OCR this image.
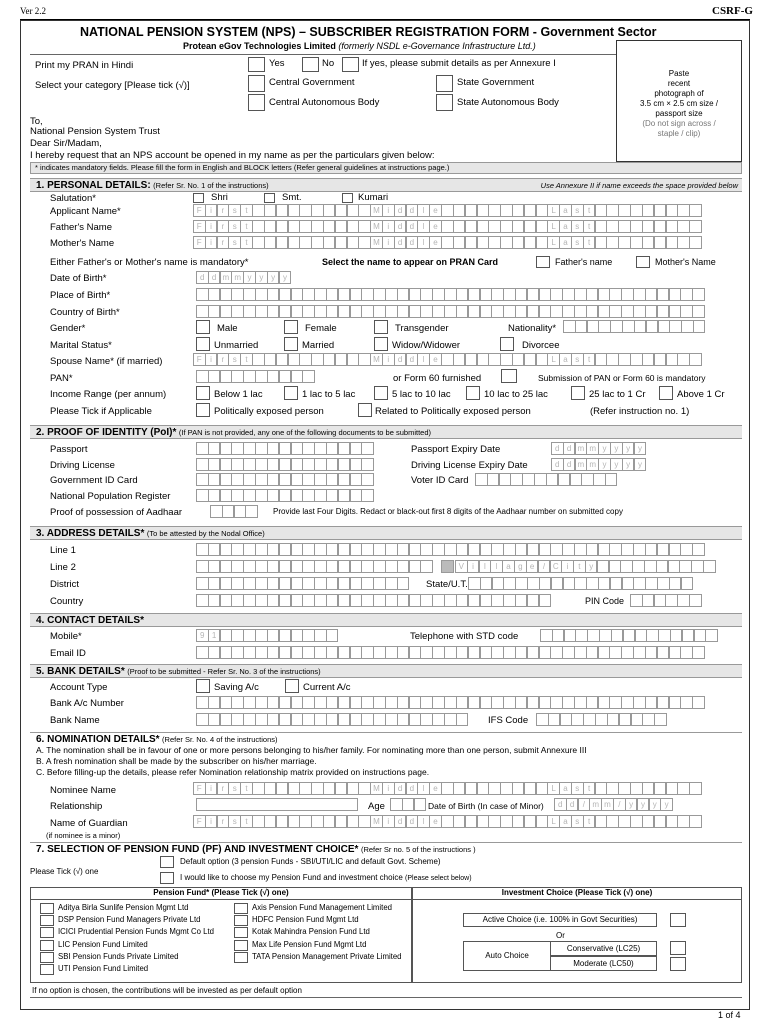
Ver 2.2	CSRF-G
NATIONAL PENSION SYSTEM (NPS) – SUBSCRIBER REGISTRATION FORM - Government Sector
Protean eGov Technologies Limited (formerly NSDL e-Governance Infrastructure Ltd.)
Paste
recent
photograph of
3.5 cm × 2.5 cm size /
passport size
(Do not sign across /
staple / clip)
Print my PRAN in Hindi	Yes	No	If yes, please submit details as per Annexure I
Select your category [Please tick (√)]	Central Government	State Government
Central Autonomous Body	State Autonomous Body
To,
National Pension System Trust
Dear Sir/Madam,
I hereby request that an NPS account be opened in my name as per the particulars given below:
* indicates mandatory fields. Please fill the form in English and BLOCK letters (Refer general guidelines at instructions page.)
1. PERSONAL DETAILS: (Refer Sr. No. 1 of the instructions)	Use Annexure II if name exceeds the space provided below
Salutation*	Shri	Smt.	Kumari
Applicant Name*	F	i	r	s	t	M i	d d	l	e	L a s	t
Father's Name	F	i	r	s	t	M i	d d	l	e	L a s	t
Mother's Name	F	i	r	s	t	M i	d d	l	e	L a s	t
Either Father's or Mother's name is mandatory*	Select the name to appear on PRAN Card	Father's name	Mother's Name
Date of Birth*	d d m m y y y y
Place of Birth*
Country of Birth*
Gender*	Male	Female	Transgender	Nationality*
Marital Status*	Unmarried	Married	Widow/Widower	Divorcee
Spouse Name* (if married)	F	i	r	s	t	M i	d d	l	e	L a s	t
PAN*	or Form 60 furnished	Submission of PAN or Form 60 is mandatory
Income Range (per annum)	Below 1 lac	1 lac to 5 lac	5 lac to 10 lac	10 lac to 25 lac	25 lac to 1 Cr	Above 1 Cr
Please Tick if Applicable	Politically exposed person	Related to Politically exposed person	(Refer instruction no. 1)
2. PROOF OF IDENTITY (PoI)* (If PAN is not provided, any one of the following documents to be submitted)
Passport	Passport Expiry Date	d d m m y y y y
Driving License	Driving License Expiry Date	d d m m y y y y
Government ID Card	Voter ID Card
National Population Register
Proof of possession of Aadhaar	Provide last Four Digits. Redact or black-out first 8 digits of the Aadhaar number on submitted copy
3. ADDRESS DETAILS* (To be attested by the Nodal Office)
Line 1
Line 2	V	i	l	l	a g e	/ C	i	t	y
District	State/U.T.
Country	PIN Code
4. CONTACT DETAILS*
Mobile*	9 1	Telephone with STD code
Email ID
5. BANK DETAILS* (Proof to be submitted - Refer Sr. No. 3 of the instructions)
Account Type	Saving A/c	Current A/c
Bank A/c Number
Bank Name	IFS Code
6. NOMINATION DETAILS* (Refer Sr. No. 4 of the instructions)
A. The nomination shall be in favour of one or more persons belonging to his/her family. For nominating more than one person, submit Annexure III
B. A fresh nomination shall be made by the subscriber on his/her marriage.
C. Before filling-up the details, please refer Nomination relationship matrix provided on instructions page.
Nominee Name	F	i	r	s	t	M i	d d	l	e	L a s	t
Relationship	Age	Date of Birth (In case of Minor)	d d	/ m m /	y y y y
Name of Guardian	F	i	r	s	t	M i	d d	l	e	L a s	t
(if nominee is a minor)
7. SELECTION OF PENSION FUND (PF) AND INVESTMENT CHOICE* (Refer Sr no. 5 of the instructions )
Default option (3 pension Funds - SBI/UTI/LIC and default Govt. Scheme)
Please Tick (√) one
I would like to choose my Pension Fund and investment choice (Please select below)
Pension Fund* (Please Tick (√) one)	Investment Choice (Please Tick (√) one)
Aditya Birla Sunlife Pension Mgmt Ltd
DSP Pension Fund Managers Private Ltd
ICICI Prudential Pension Funds Mgmt Co Ltd
LIC Pension Fund Limited
SBI Pension Funds Private Limited
UTI Pension Fund Limited
Axis Pension Fund Management Limited
HDFC Pension Fund Mgmt Ltd
Kotak Mahindra Pension Fund Ltd
Max Life Pension Fund Mgmt Ltd
TATA Pension Management Private Limited
Active Choice (i.e. 100% in Govt Securities)
Or
Auto Choice
Conservative (LC25)
Moderate (LC50)
If no option is chosen, the contributions will be invested as per default option
1 of 4
